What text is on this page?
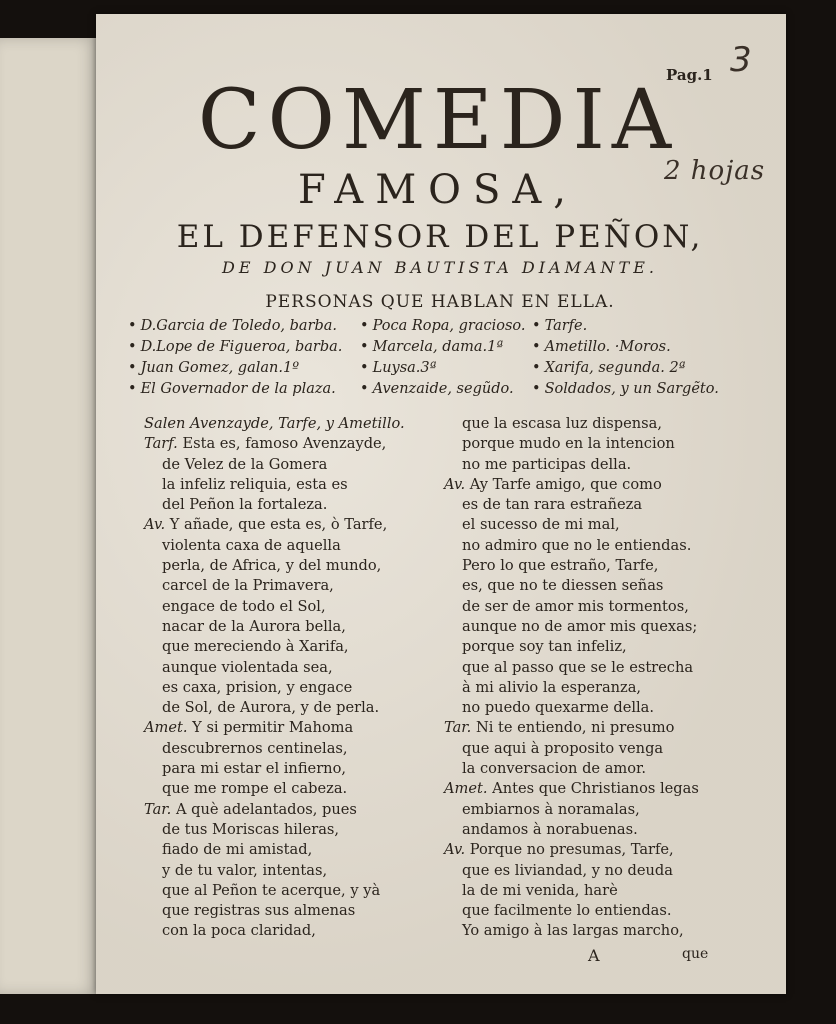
Pag.1 3

2 hojas

COMEDIA

FAMOSA,

EL DEFENSOR DEL PEÑON,

DE DON JUAN BAUTISTA DIAMANTE.

PERSONAS QUE HABLAN EN ELLA.

• D.Garcia de Toledo, barba.
• D.Lope de Figueroa, barba.
• Juan Gomez, galan.1º
• El Governador de la plaza.
• Poca Ropa, gracioso.
• Marcela, dama.1ª
• Luysa.3ª
• Avenzaide, segũdo.
• Tarfe.
• Ametillo. ·Moros.
• Xarifa, segunda. 2ª
• Soldados, y un Sargẽto.
Salen Avenzayde, Tarfe, y Ametillo.
Tarf. Esta es, famoso Avenzayde,
de Velez de la Gomera
la infeliz reliquia, esta es
del Peñon la fortaleza.
Av. Y añade, que esta es, ò Tarfe,
violenta caxa de aquella
perla, de Africa, y del mundo,
carcel de la Primavera,
engace de todo el Sol,
nacar de la Aurora bella,
que mereciendo à Xarifa,
aunque violentada sea,
es caxa, prision, y engace
de Sol, de Aurora, y de perla.
Amet. Y si permitir Mahoma
descubrernos centinelas,
para mi estar el infierno,
que me rompe el cabeza.
Tar. A què adelantados, pues
de tus Moriscas hileras,
fiado de mi amistad,
y de tu valor, intentas,
que al Peñon te acerque, y yà
que registras sus almenas
con la poca claridad,
que la escasa luz dispensa,
porque mudo en la intencion
no me participas della.
Av. Ay Tarfe amigo, que como
es de tan rara estrañeza
el sucesso de mi mal,
no admiro que no le entiendas.
Pero lo que estraño, Tarfe,
es, que no te diessen señas
de ser de amor mis tormentos,
aunque no de amor mis quexas;
porque soy tan infeliz,
que al passo que se le estrecha
à mi alivio la esperanza,
no puedo quexarme della.
Tar. Ni te entiendo, ni presumo
que aqui à proposito venga
la conversacion de amor.
Amet. Antes que Christianos legas
embiarnos à noramalas,
andamos à norabuenas.
Av. Porque no presumas, Tarfe,
que es liviandad, y no deuda
la de mi venida, harè
que facilmente lo entiendas.
Yo amigo à las largas marcho,

A	que
